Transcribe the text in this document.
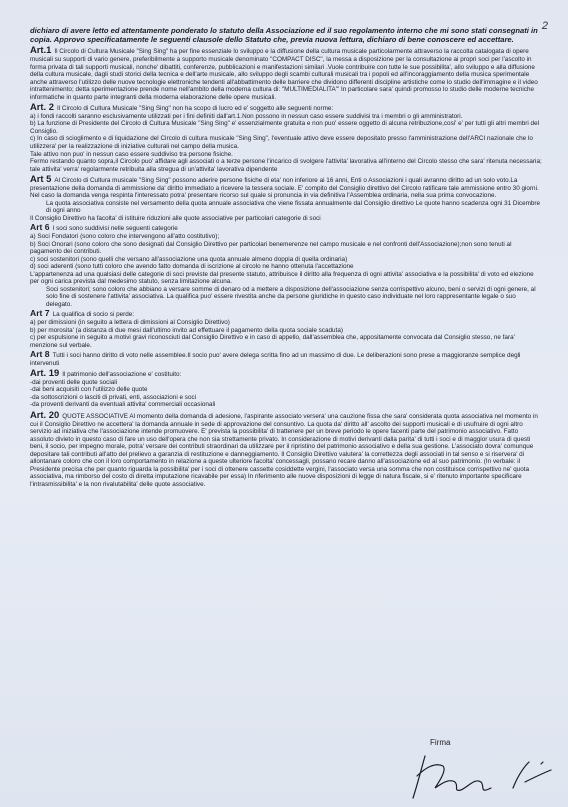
2

dichiaro di avere letto ed attentamente ponderato lo statuto della Associazione ed il suo regolamento interno che mi sono stati consegnati in copia. Approvo specificatamente le seguenti clausole dello Statuto che, previa nuova lettura, dichiaro di bene conoscere ed accettare.

Art.1 Il Circolo di Cultura Musicale "Sing Sing" ha per fine essenziale lo sviluppo e la diffusione della cultura musicale particolarmente attraverso la raccolta catalogata di opere musicali su supporti di vario genere, preferibilmente a supporto musicale denominato "COMPACT DISC", la messa a disposizione per la consultazione ai propri soci per l'ascolto in forma privata di tali supporti musicali, nonche' dibattiti, conferenze, pubblicazioni e manifestazioni similari .Vuole contribuire con tutte le sue possibilita', allo sviluppo e alla diffusione della cultura musicale, dagli studi storici della tecnica e dell'arte musicale, allo sviluppo degli scambi culturali musicali tra i popoli ed all'incoraggiamento della musica sperimentale anche attraverso l'utilizzo delle nuove tecnologie elettroniche tendenti all'abbattimento delle barriere che dividono differenti discipline artistiche come lo studio dell'immagine e il video intrattenimento; detta sperimentazione prende nome nell'ambito della moderna cultura di: "MULTIMEDIALITA'" In particolare sara' quindi promosso lo studio delle moderne tecniche informatiche in quanto parte integranti della moderna elaborazione delle opere musicali.

Art. 2 Il Circolo di Cultura Musicale "Sing Sing" non ha scopo di lucro ed e' soggetto alle seguenti norme:

a) i fondi raccolti saranno esclusivamente utilizzati per i fini definiti dall'art.1.Non possono in nessun caso essere suddivisi tra i membri o gli amministratori.

b) La funzione di Presidente del Circolo di Cultura Musicale "Sing Sing" e' essenzialmente gratuita e non puo' essere oggetto di alcuna retribuzione,cosi' e' per tutti gli altri membri del Consiglio.

c) In caso di scioglimento e di liquidazione del Circolo di cultura musicale "Sing Sing", l'eventuale attivo deve essere depositato presso l'amministrazione dell'ARCI nazionale che lo utilizzera' per la realizzazione di iniziative culturali nel campo della musica.

Tale attivo non puo' in nessun caso essere suddiviso tra persone fisiche.

Fermo restando quanto sopra,il Circolo puo' affidare agli associati o a terze persone l'incarico di svolgere l'attivita' lavorativa all'interno del Circolo stesso che sara' ritenuta necessaria; tale attivita' verra' regolarmente retribuita alla stregua di un'attivita' lavorativa dipendente

Art 5 Al Circolo di Cultura musicale "Sing Sing" possono aderire persone fisiche di eta' non inferiore ai 16 anni, Enti o Associazioni i quali avranno diritto ad un solo voto.La presentazione della domanda di ammissione da' diritto immediato a ricevere la tessera sociale. E' compito del Consiglio direttivo del Circolo ratificare tale ammissione entro 30 giorni. Nel caso la domanda venga respinta l'interessato potra' presentare ricorso sul quale si pronuncia in via definitiva l'Assemblea ordinaria, nella sua prima convocazione.

La quota associativa consiste nel versamento della quota annuale associativa che viene fissata annualmente dal Consiglio direttivo Le quote hanno scadenza ogni 31 Dicembre di ogni anno

Il Consiglio Direttivo ha facolta' di istituire riduzioni alle quote associative per particolari categorie di soci

Art 6 I soci sono suddivisi nelle seguenti categorie

a) Soci Fondatori (sono coloro che intervengono all'atto costitutivo);

b) Soci Onorari (sono coloro che sono designati dal Consiglio Direttivo per particolari benemerenze nel campo musicale e nel confronti dell'Associazione);non sono tenuti al pagamento dei contributi.

c) soci sostenitori (sono quelli che versano all'associazione una quota annuale almeno doppia di quella ordinaria)

d) soci aderenti (sono tutti coloro che avendo fatto domanda di iscrizione al circolo ne hanno ottenuta l'accettazione

L'appartenenza ad una qualsiasi delle categorie di soci previste dal presente statuto, attribuisce il diritto alla frequenza di ogni attivita' associativa e la possibilita' di voto ed elezione per ogni carica prevista dal medesimo statuto, senza limitazione alcuna.

Soci sostenitori; sono coloro che abbiano a versare somme di denaro od a mettere a disposizione dell'associazione senza corrispettivo alcuno, beni o servizi di ogni genere, al solo fine di sostenere l'attivita' associativa. La qualifica puo' essere rivestita anche da persone giuridiche in questo caso individuate nel loro rappresentante legale o suo delegato.

Art 7 La qualifica di socio si perde:

a) per dimissioni (in seguito a lettera di dimissioni al Consiglio Direttivo)

b) per morosita' (a distanza di due mesi dall'ultimo invito ad effettuare il pagamento della quota sociale scaduta)

c) per espulsione in seguito a motivi gravi riconosciuti dal Consiglio Direttivo e in caso di appello, dall'assemblea che, appositamente convocata dal Consiglio stesso, ne fara' menzione sul verbale.

Art 8 Tutti i soci hanno diritto di voto nelle assemblee.Il socio puo' avere delega scritta fino ad un massimo di due. Le deliberazioni sono prese a maggioranze semplice degli intervenuti

Art. 19 Il patrimonio dell'associazione e' costituito:

-dai proventi delle quote sociali

-dai beni acquisiti con l'utilizzo delle quote

-da sottoscrizioni o lasciti di privati, enti, associazioni e soci

-da proventi derivanti da eventuali attivita' commerciali occasionali

Art. 20 QUOTE ASSOCIATIVE Al momento della domanda di adesione, l'aspirante associato versera' una cauzione fissa che sara' considerata quota associativa nel momento in cui il Consiglio Direttivo ne accettera' la domanda annuale in sede di approvazione del consuntivo. La quota da' diritto all' ascolto dei supporti musicali e di usufruire di ogni altro servizio ad iniziativa che l'associazione intende promuovere. E' prevista la possibilita' di trattenere per un breve periodo le opere facenti parte del patrimonio associativo. Fatto assoluto divieto in questo caso di fare un uso dell'opera che non sia strettamente privato. In considerazione di motivi derivanti dalla parita' di tutti i soci e di maggior usura di questi beni, il socio, per impegno morale, potra' versare dei contributi straordinari da utilizzare per il ripristino del patrimonio associativo e della sua gestione. L'associato dovra' comunque depositare tali contributi all'atto del prelievo a garanzia di restituzione e danneggiamento. Il Consiglio Direttivo valutera' la correttezza degli associati in tal senso e si riservera' di allontanare coloro che con il loro comportamento in relazione a queste ulteriore facolta' concessagli, possano recare danno all'associazione ed al suo patrimonio. (In verbale: il Presidente precisa che per quanto riguarda la possibilita' per i soci di ottenere cassette cosiddette vergini, l'associato versa una somma che non costituisce corrispettivo ne' quota associativa, ma rimborso del costo di diretta imputazione ricavabile per essa) In riferimento alle nuove disposizioni di legge di natura fiscale, si e' ritenuto importante specificare l'intrasmissibilita' e la non rivalutabilita' delle quote associative.

Firma
